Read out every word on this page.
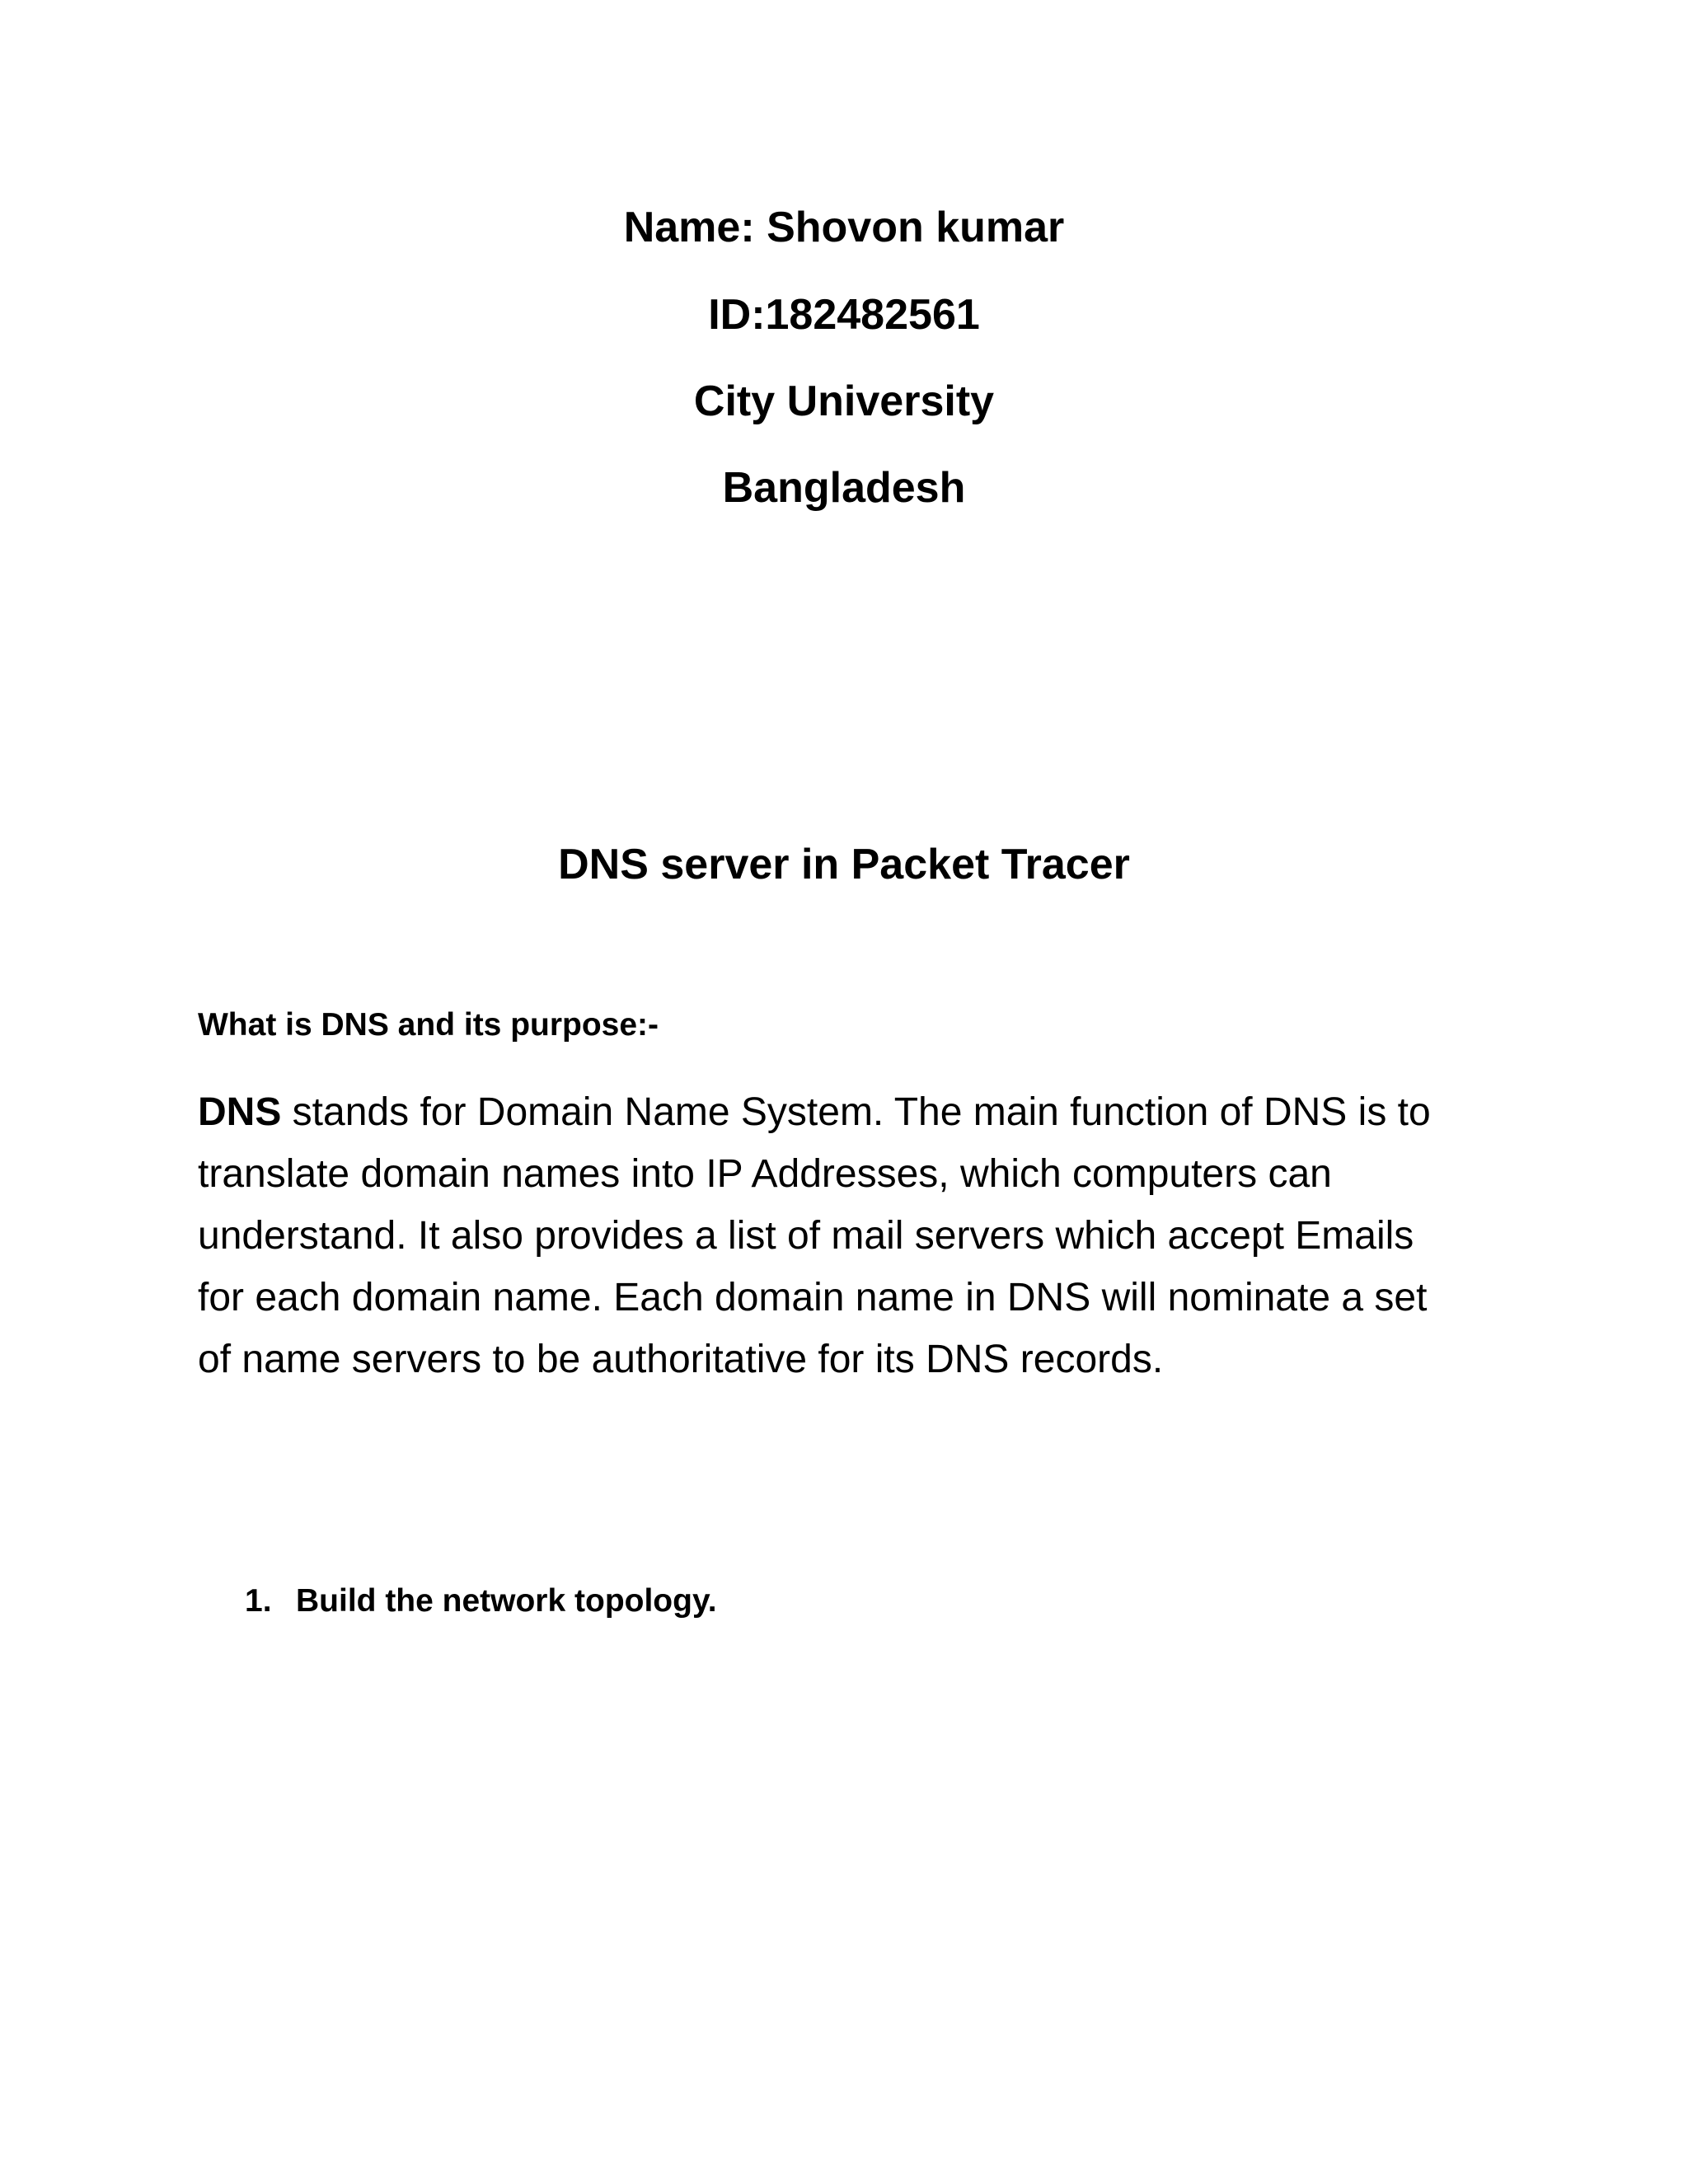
Name: Shovon kumar
ID:182482561
City University
Bangladesh
DNS server in Packet Tracer
What is DNS and its purpose:-
DNS stands for Domain Name System. The main function of DNS is to
translate domain names into IP Addresses, which computers can
understand. It also provides a list of mail servers which accept Emails
for each domain name. Each domain name in DNS will nominate a set
of name servers to be authoritative for its DNS records.
1. Build the network topology.
